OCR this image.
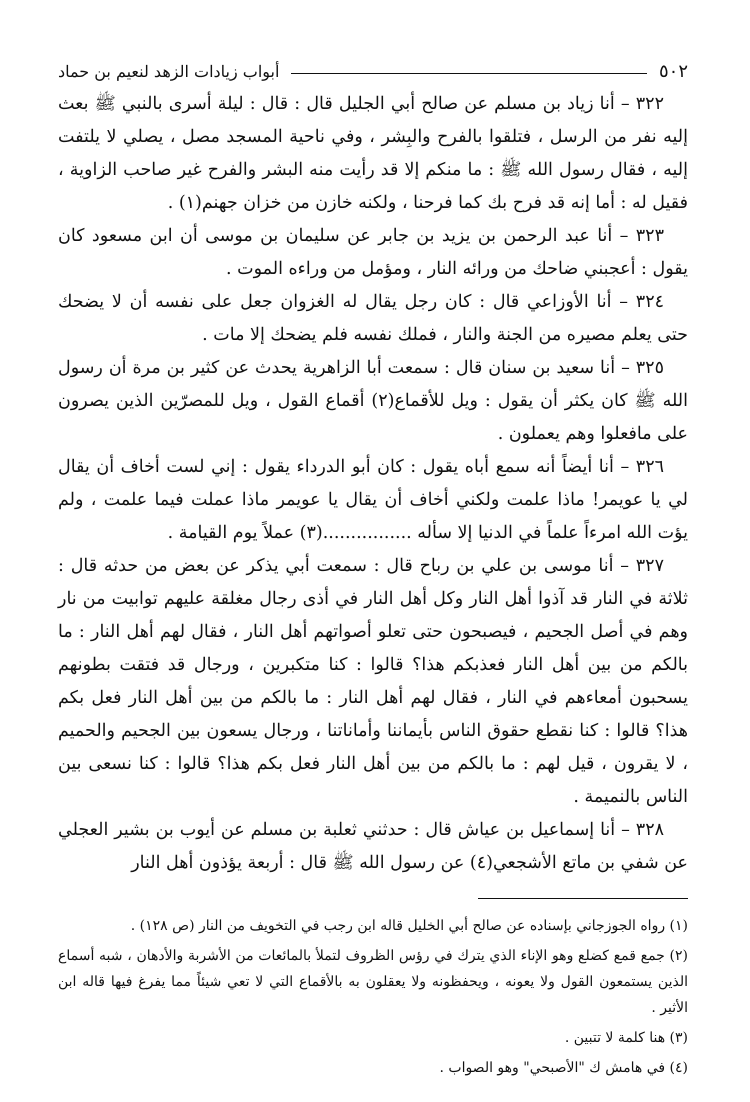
٥٠٢
أبواب زيادات الزهد لنعيم بن حماد

٣٢٢ – أنا زياد بن مسلم عن صالح أبي الجليل قال : قال : ليلة أسرى بالنبي ﷺ بعث إليه نفر من الرسل ، فتلقوا بالفرح والبِشر ، وفي ناحية المسجد مصل ، يصلي لا يلتفت إليه ، فقال رسول الله ﷺ : ما منكم إلا قد رأيت منه البشر والفرح غير صاحب الزاوية ، فقيل له : أما إنه قد فرح بك كما فرحنا ، ولكنه خازن من خزان جهنم(١) .

٣٢٣ – أنا عبد الرحمن بن يزيد بن جابر عن سليمان بن موسى أن ابن مسعود كان يقول : أعجبني ضاحك من ورائه النار ، ومؤمل من وراءه الموت .

٣٢٤ – أنا الأوزاعي قال : كان رجل يقال له الغزوان جعل على نفسه أن لا يضحك حتى يعلم مصيره من الجنة والنار ، فملك نفسه فلم يضحك إلا مات .

٣٢٥ – أنا سعيد بن سنان قال : سمعت أبا الزاهرية يحدث عن كثير بن مرة أن رسول الله ﷺ كان يكثر أن يقول : ويل للأقماع(٢) أقماع القول ، ويل للمصرّين الذين يصرون على مافعلوا وهم يعملون .

٣٢٦ – أنا أيضاً أنه سمع أباه يقول : كان أبو الدرداء يقول : إني لست أخاف أن يقال لي يا عويمر! ماذا علمت ولكني أخاف أن يقال يا عويمر ماذا عملت فيما علمت ، ولم يؤت الله امرءاً علماً في الدنيا إلا سأله ................(٣) عملاً يوم القيامة .

٣٢٧ – أنا موسى بن علي بن رباح قال : سمعت أبي يذكر عن بعض من حدثه قال : ثلاثة في النار قد آذوا أهل النار وكل أهل النار في أذى رجال مغلقة عليهم توابيت من نار وهم في أصل الجحيم ، فيصبحون حتى تعلو أصواتهم أهل النار ، فقال لهم أهل النار : ما بالكم من بين أهل النار فعذبكم هذا؟ قالوا : كنا متكبرين ، ورجال قد فتقت بطونهم يسحبون أمعاءهم في النار ، فقال لهم أهل النار : ما بالكم من بين أهل النار فعل بكم هذا؟ قالوا : كنا نقطع حقوق الناس بأيماننا وأماناتنا ، ورجال يسعون بين الجحيم والحميم ، لا يقرون ، قيل لهم : ما بالكم من بين أهل النار فعل بكم هذا؟ قالوا : كنا نسعى بين الناس بالنميمة .

٣٢٨ – أنا إسماعيل بن عياش قال : حدثني ثعلبة بن مسلم عن أيوب بن بشير العجلي عن شفي بن ماتع الأشجعي(٤) عن رسول الله ﷺ قال : أربعة يؤذون أهل النار

(١) رواه الجوزجاني بإسناده عن صالح أبي الخليل قاله ابن رجب في التخويف من النار (ص ١٢٨) .

(٢) جمع قمع كضلع وهو الإناء الذي يترك في رؤس الظروف لتملأ بالمائعات من الأشربة والأدهان ، شبه أسماع الذين يستمعون القول ولا يعونه ، ويحفظونه ولا يعقلون به بالأقماع التي لا تعي شيئاً مما يفرغ فيها قاله ابن الأثير .

(٣) هنا كلمة لا تتبين .

(٤) في هامش ك "الأصبحي" وهو الصواب .
